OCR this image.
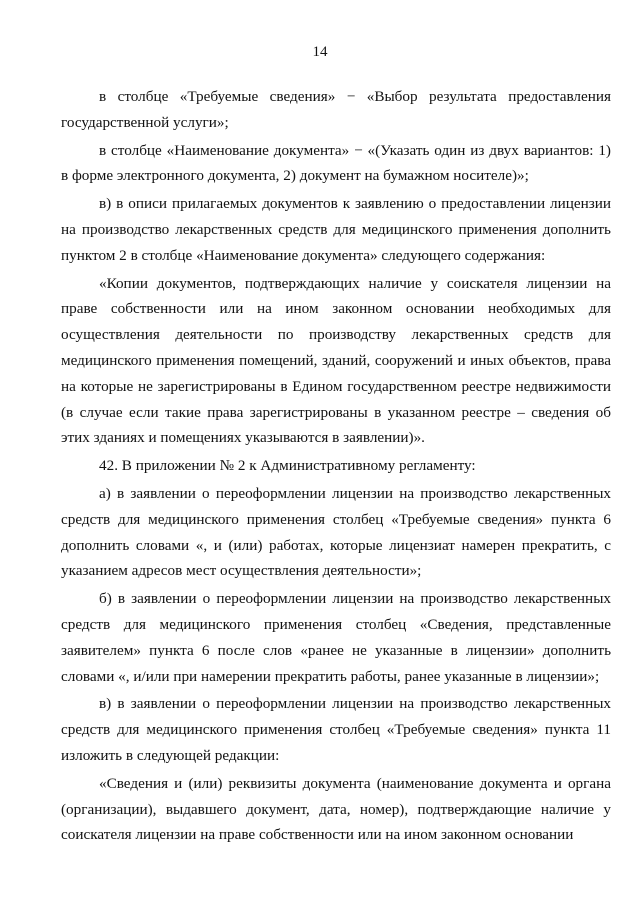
14

в столбце «Требуемые сведения» − «Выбор результата предоставления государственной услуги»;

в столбце «Наименование документа» − «(Указать один из двух вариантов: 1) в форме электронного документа, 2) документ на бумажном носителе)»;

в) в описи прилагаемых документов к заявлению о предоставлении лицензии на производство лекарственных средств для медицинского применения дополнить пунктом 2 в столбце «Наименование документа» следующего содержания:

«Копии документов, подтверждающих наличие у соискателя лицензии на праве собственности или на ином законном основании необходимых для осуществления деятельности по производству лекарственных средств для медицинского применения помещений, зданий, сооружений и иных объектов, права на которые не зарегистрированы в Едином государственном реестре недвижимости (в случае если такие права зарегистрированы в указанном реестре – сведения об этих зданиях и помещениях указываются в заявлении)».

42. В приложении № 2 к Административному регламенту:

а) в заявлении о переоформлении лицензии на производство лекарственных средств для медицинского применения столбец «Требуемые сведения» пункта 6 дополнить словами «, и (или) работах, которые лицензиат намерен прекратить, с указанием адресов мест осуществления деятельности»;

б) в заявлении о переоформлении лицензии на производство лекарственных средств для медицинского применения столбец «Сведения, представленные заявителем» пункта 6 после слов «ранее не указанные в лицензии» дополнить словами «, и/или при намерении прекратить работы, ранее указанные в лицензии»;

в) в заявлении о переоформлении лицензии на производство лекарственных средств для медицинского применения столбец «Требуемые сведения» пункта 11 изложить в следующей редакции:

«Сведения и (или) реквизиты документа (наименование документа и органа (организации), выдавшего документ, дата, номер), подтверждающие наличие у соискателя лицензии на праве собственности или на ином законном основании
